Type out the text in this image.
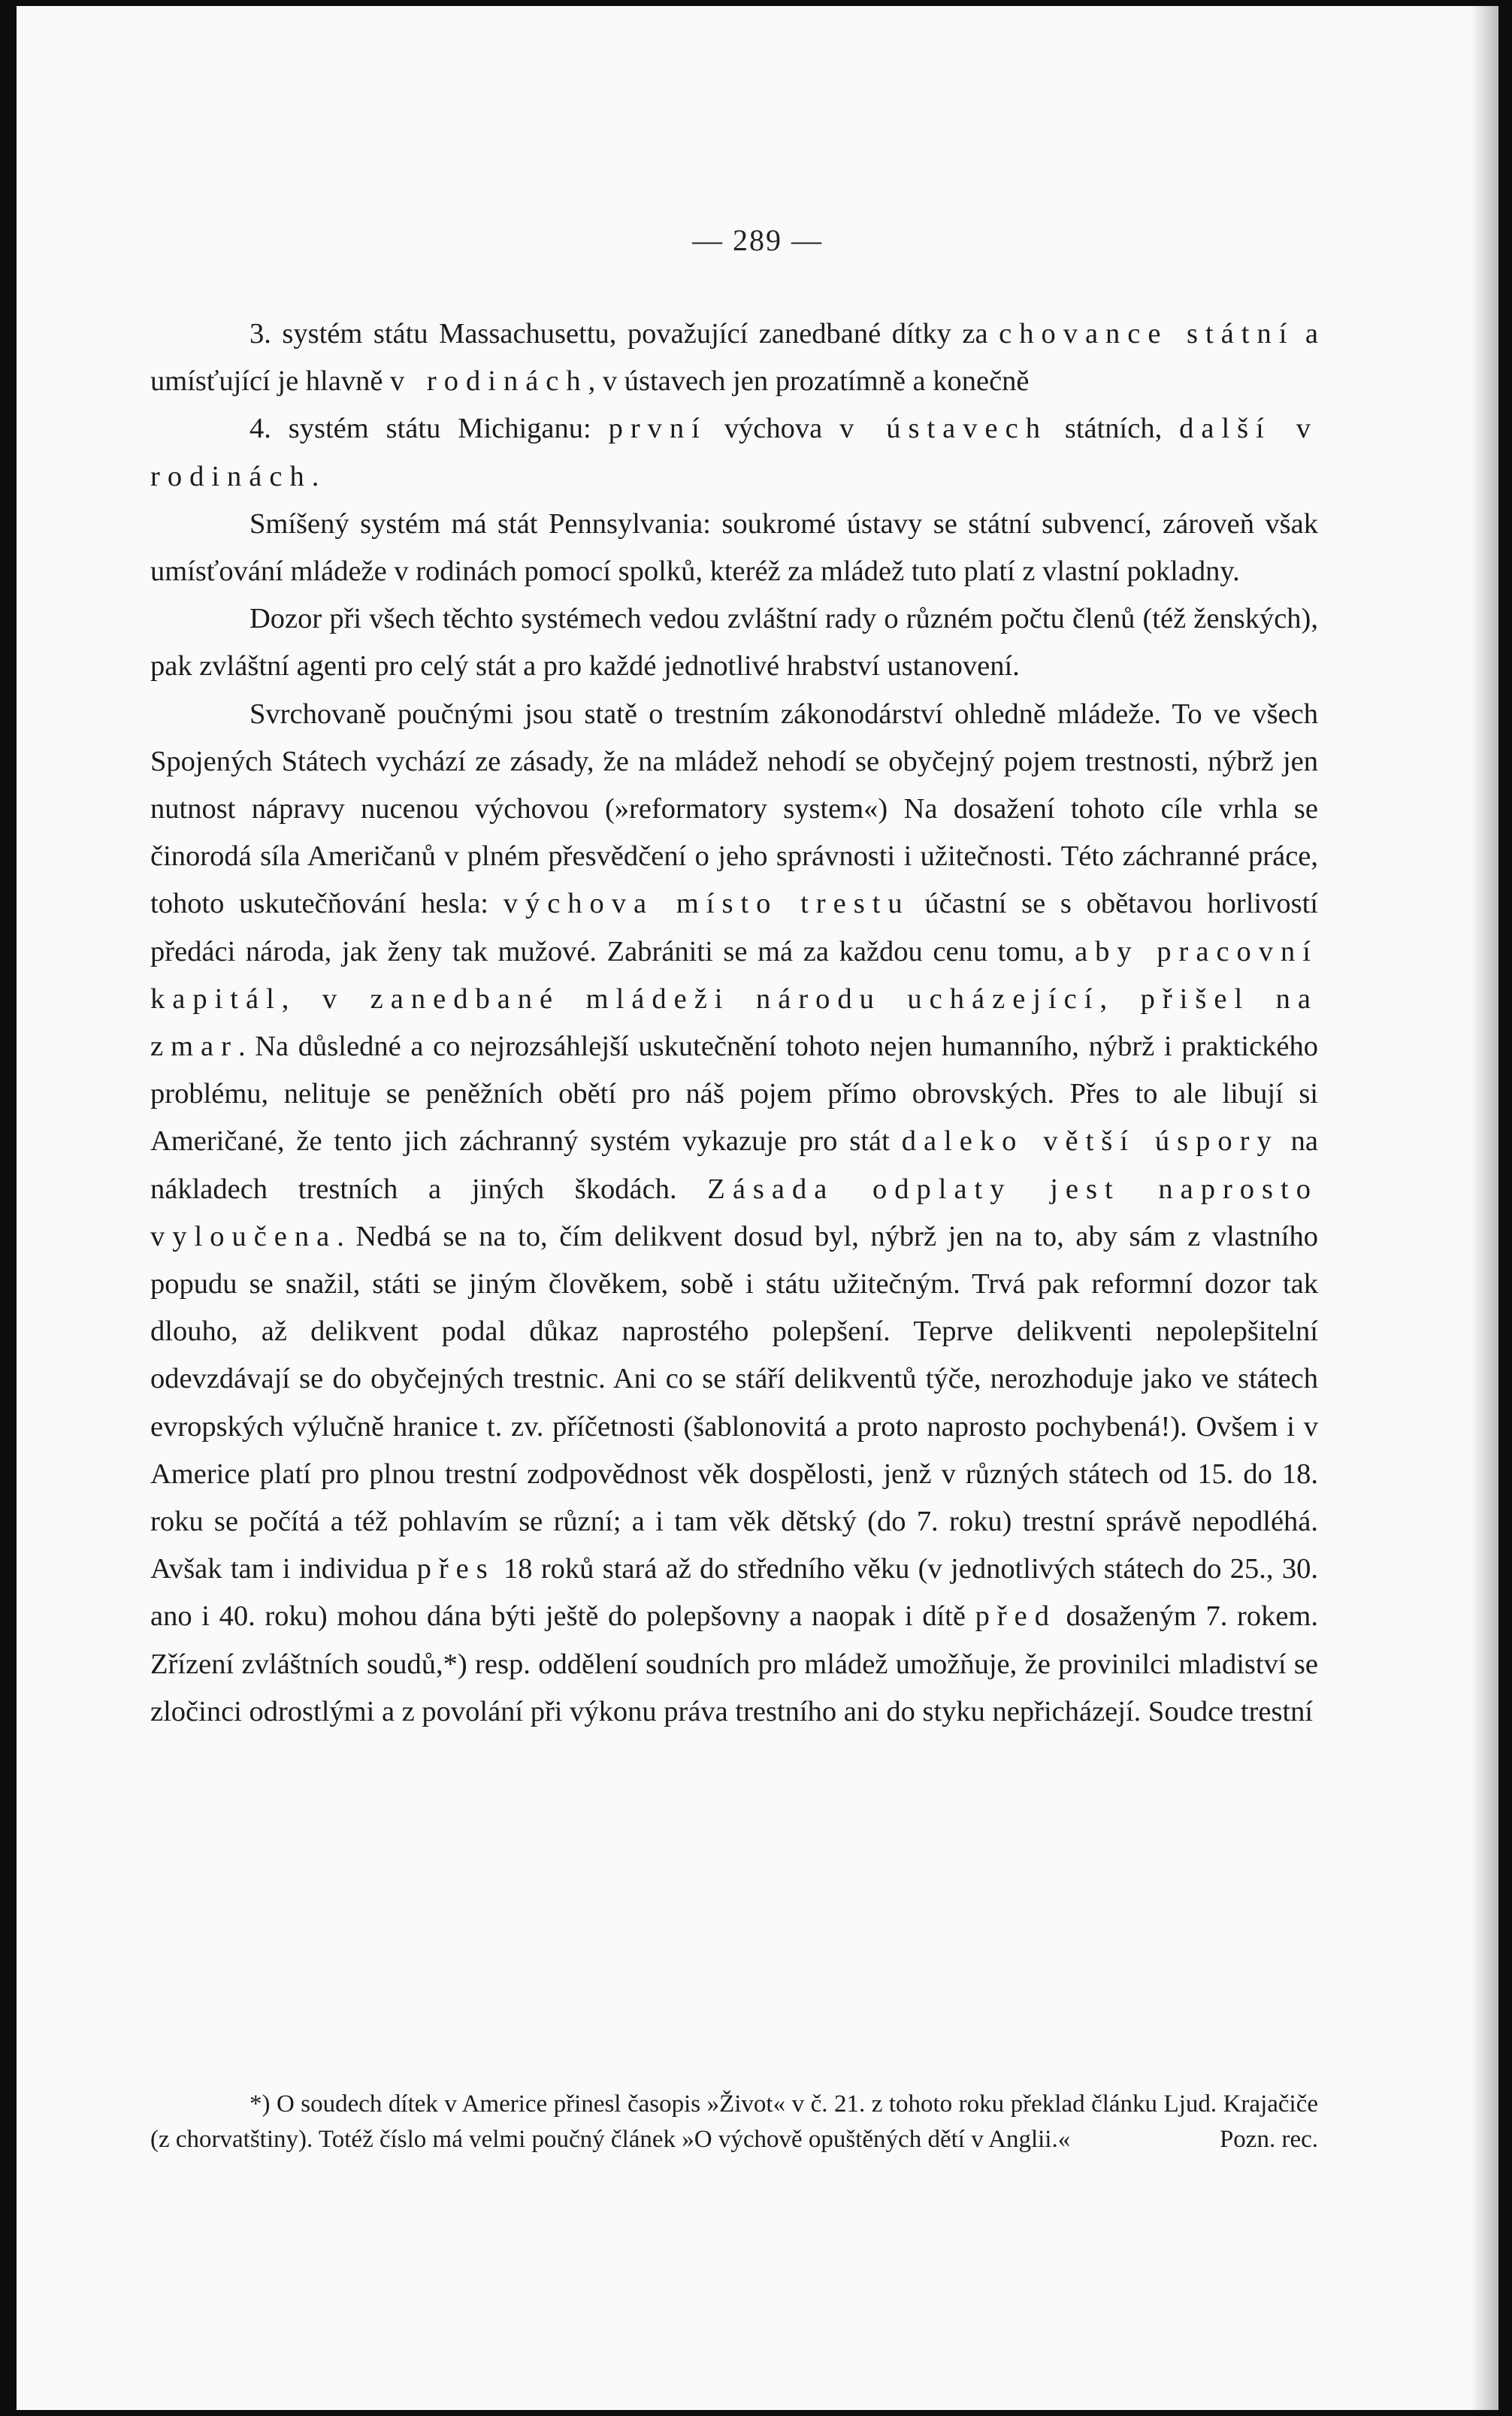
— 289 —

3. systém státu Massachusettu, považující zanedbané dítky za chovance státní a umísťující je hlavně v rodinách, v ústavech jen prozatímně a konečně

4. systém státu Michiganu: první výchova v ústavech státních, další v rodinách.

Smíšený systém má stát Pennsylvania: soukromé ústavy se státní subvencí, zároveň však umísťování mládeže v rodinách pomocí spolků, kteréž za mládež tuto platí z vlastní pokladny.

Dozor při všech těchto systémech vedou zvláštní rady o různém počtu členů (též ženských), pak zvláštní agenti pro celý stát a pro každé jednotlivé hrabství ustanovení.

Svrchovaně poučnými jsou statě o trestním zákonodárství ohledně mládeže. To ve všech Spojených Státech vychází ze zásady, že na mládež nehodí se obyčejný pojem trestnosti, nýbrž jen nutnost nápravy nucenou výchovou (»reformatory system«) Na dosažení tohoto cíle vrhla se činorodá síla Američanů v plném přesvědčení o jeho správnosti i užitečnosti. Této záchranné práce, tohoto uskutečňování hesla: výchova místo trestu účastní se s obětavou horlivostí předáci národa, jak ženy tak mužové. Zabrániti se má za každou cenu tomu, aby pracovní kapitál, v zanedbané mládeži národu ucházející, přišel na zmar. Na důsledné a co nejrozsáhlejší uskutečnění tohoto nejen humanního, nýbrž i praktického problému, nelituje se peněžních obětí pro náš pojem přímo obrovských. Přes to ale libují si Američané, že tento jich záchranný systém vykazuje pro stát daleko větší úspory na nákladech trestních a jiných škodách. Zásada odplaty jest naprosto vyloučena. Nedbá se na to, čím delikvent dosud byl, nýbrž jen na to, aby sám z vlastního popudu se snažil, státi se jiným člověkem, sobě i státu užitečným. Trvá pak reformní dozor tak dlouho, až delikvent podal důkaz naprostého polepšení. Teprve delikventi nepolepšitelní odevzdávají se do obyčejných trestnic. Ani co se stáří delikventů týče, nerozhoduje jako ve státech evropských výlučně hranice t. zv. příčetnosti (šablonovitá a proto naprosto pochybená!). Ovšem i v Americe platí pro plnou trestní zodpovědnost věk dospělosti, jenž v různých státech od 15. do 18. roku se počítá a též pohlavím se různí; a i tam věk dětský (do 7. roku) trestní správě nepodléhá. Avšak tam i individua přes 18 roků stará až do středního věku (v jednotlivých státech do 25., 30. ano i 40. roku) mohou dána býti ještě do polepšovny a naopak i dítě před dosaženým 7. rokem. Zřízení zvláštních soudů,*) resp. oddělení soudních pro mládež umožňuje, že provinilci mladiství se zločinci odrostlými a z povolání při výkonu práva trestního ani do styku nepřicházejí. Soudce trestní

*) O soudech dítek v Americe přinesl časopis »Život« v č. 21. z tohoto roku překlad článku Ljud. Krajačiče (z chorvatštiny). Totéž číslo má velmi poučný článek »O výchově opuštěných dětí v Anglii.«	Pozn. rec.
